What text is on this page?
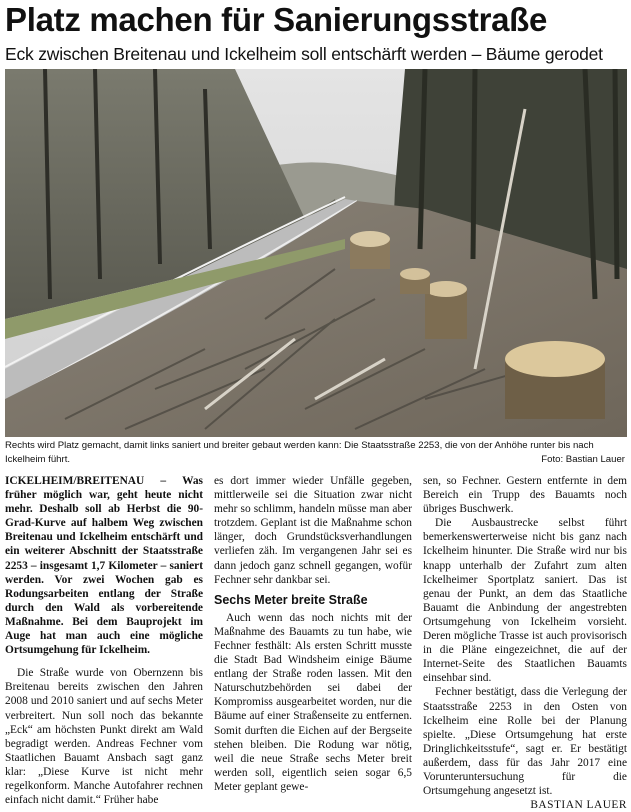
Platz machen für Sanierungsstraße
Eck zwischen Breitenau und Ickelheim soll entschärft werden – Bäume gerodet
Rechts wird Platz gemacht, damit links saniert und breiter gebaut werden kann: Die Staatsstraße 2253, die von der Anhöhe runter bis nach Ickelheim führt.	Foto: Bastian Lauer

ICKELHEIM/BREITENAU – Was früher möglich war, geht heute nicht mehr. Deshalb soll ab Herbst die 90-Grad-Kurve auf halbem Weg zwischen Breitenau und Ickelheim entschärft und ein weiterer Abschnitt der Staatsstraße 2253 – insgesamt 1,7 Kilometer – saniert werden. Vor zwei Wochen gab es Rodungsarbeiten entlang der Straße durch den Wald als vorbereitende Maßnahme. Bei dem Bauprojekt im Auge hat man auch eine mögliche Ortsumgehung für Ickelheim.

Die Straße wurde von Obernzenn bis Breitenau bereits zwischen den Jahren 2008 und 2010 saniert und auf sechs Meter verbreitert. Nun soll noch das bekannte „Eck“ am höchsten Punkt direkt am Wald begradigt werden. Andreas Fechner vom Staatlichen Bauamt Ansbach sagt ganz klar: „Diese Kurve ist nicht mehr regelkonform. Manche Autofahrer rechnen einfach nicht damit.“ Früher habe

es dort immer wieder Unfälle gegeben, mittlerweile sei die Situation zwar nicht mehr so schlimm, handeln müsse man aber trotzdem. Geplant ist die Maßnahme schon länger, doch Grundstücksverhandlungen verliefen zäh. Im vergangenen Jahr sei es dann jedoch ganz schnell gegangen, wofür Fechner sehr dankbar sei.

Sechs Meter breite Straße

Auch wenn das noch nichts mit der Maßnahme des Bauamts zu tun habe, wie Fechner festhält: Als ersten Schritt musste die Stadt Bad Windsheim einige Bäume entlang der Straße roden lassen. Mit den Naturschutzbehörden sei dabei der Kompromiss ausgearbeitet worden, nur die Bäume auf einer Straßenseite zu entfernen. Somit durften die Eichen auf der Bergseite stehen bleiben. Die Rodung war nötig, weil die neue Straße sechs Meter breit werden soll, eigentlich seien sogar 6,5 Meter geplant gewe-

sen, so Fechner. Gestern entfernte in dem Bereich ein Trupp des Bauamts noch übriges Buschwerk.

Die Ausbaustrecke selbst führt bemerkenswerterweise nicht bis ganz nach Ickelheim hinunter. Die Straße wird nur bis knapp unterhalb der Zufahrt zum alten Ickelheimer Sportplatz saniert. Das ist genau der Punkt, an dem das Staatliche Bauamt die Anbindung der angestrebten Ortsumgehung von Ickelheim vorsieht. Deren mögliche Trasse ist auch provisorisch in die Pläne eingezeichnet, die auf der Internet-Seite des Staatlichen Bauamts einsehbar sind.

Fechner bestätigt, dass die Verlegung der Staatsstraße 2253 in den Osten von Ickelheim eine Rolle bei der Planung spielte. „Diese Ortsumgehung hat erste Dringlichkeitsstufe“, sagt er. Er bestätigt außerdem, dass für das Jahr 2017 eine Vorunteruntersuchung für die Ortsumgehung angesetzt ist.

BASTIAN LAUER
